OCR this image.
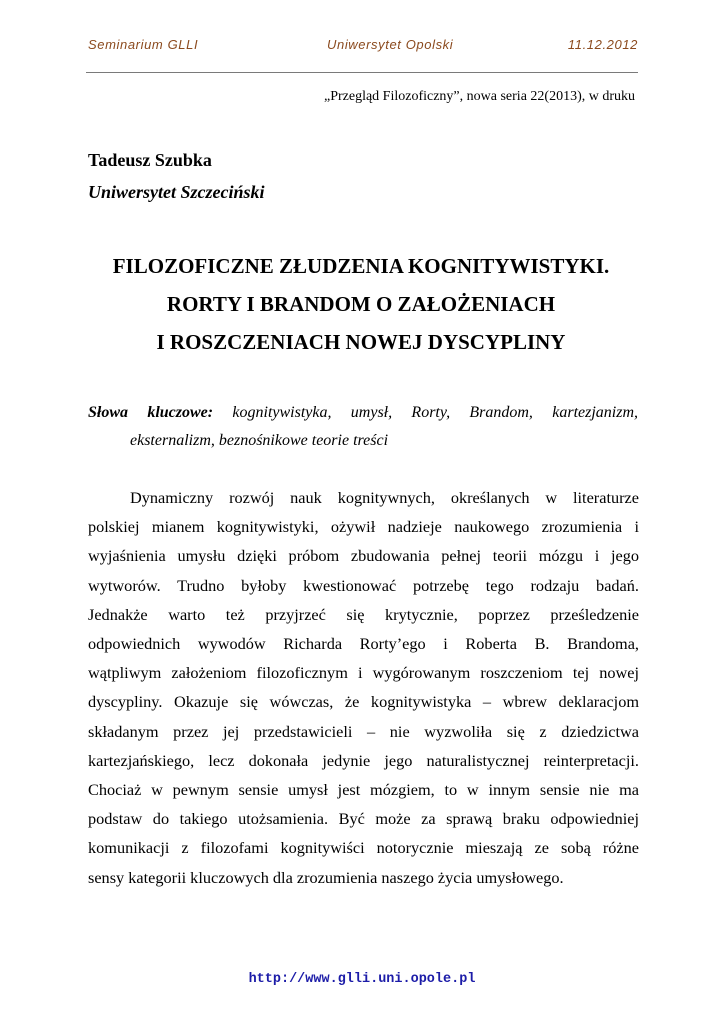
Seminarium GLLI	Uniwersytet Opolski	11.12.2012
„Przegląd Filozoficzny”, nowa seria 22(2013), w druku
Tadeusz Szubka
Uniwersytet Szczeciński
FILOZOFICZNE ZŁUDZENIA KOGNITYWISTYKI.
RORTY I BRANDOM O ZAŁOŻENIACH
I ROSZCZENIACH NOWEJ DYSCYPLINY
Słowa kluczowe: kognitywistyka, umysł, Rorty, Brandom, kartezjanizm,
eksternalizm, beznośnikowe teorie treści
Dynamiczny rozwój nauk kognitywnych, określanych w literaturze
polskiej mianem kognitywistyki, ożywił nadzieje naukowego zrozumienia i
wyjaśnienia umysłu dzięki próbom zbudowania pełnej teorii mózgu i jego
wytworów. Trudno byłoby kwestionować potrzebę tego rodzaju badań.
Jednakże warto też przyjrzeć się krytycznie, poprzez prześledzenie
odpowiednich wywodów Richarda Rorty’ego i Roberta B. Brandoma,
wątpliwym założeniom filozoficznym i wygórowanym roszczeniom tej nowej
dyscypliny. Okazuje się wówczas, że kognitywistyka – wbrew deklaracjom
składanym przez jej przedstawicieli – nie wyzwoliła się z dziedzictwa
kartezjańskiego, lecz dokonała jedynie jego naturalistycznej reinterpretacji.
Chociaż w pewnym sensie umysł jest mózgiem, to w innym sensie nie ma
podstaw do takiego utożsamienia. Być może za sprawą braku odpowiedniej
komunikacji z filozofami kognitywiści notorycznie mieszają ze sobą różne
sensy kategorii kluczowych dla zrozumienia naszego życia umysłowego.
http://www.glli.uni.opole.pl
